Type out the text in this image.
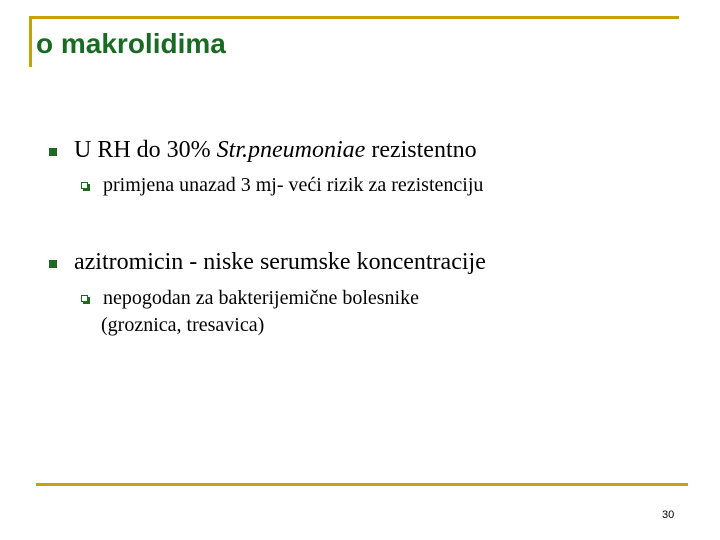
o makrolidima
U RH do 30% Str.pneumoniae rezistentno
primjena unazad 3 mj- veći rizik za rezistenciju
azitromicin - niske serumske koncentracije
nepogodan za bakterijemične bolesnike
(groznica, tresavica)
30
